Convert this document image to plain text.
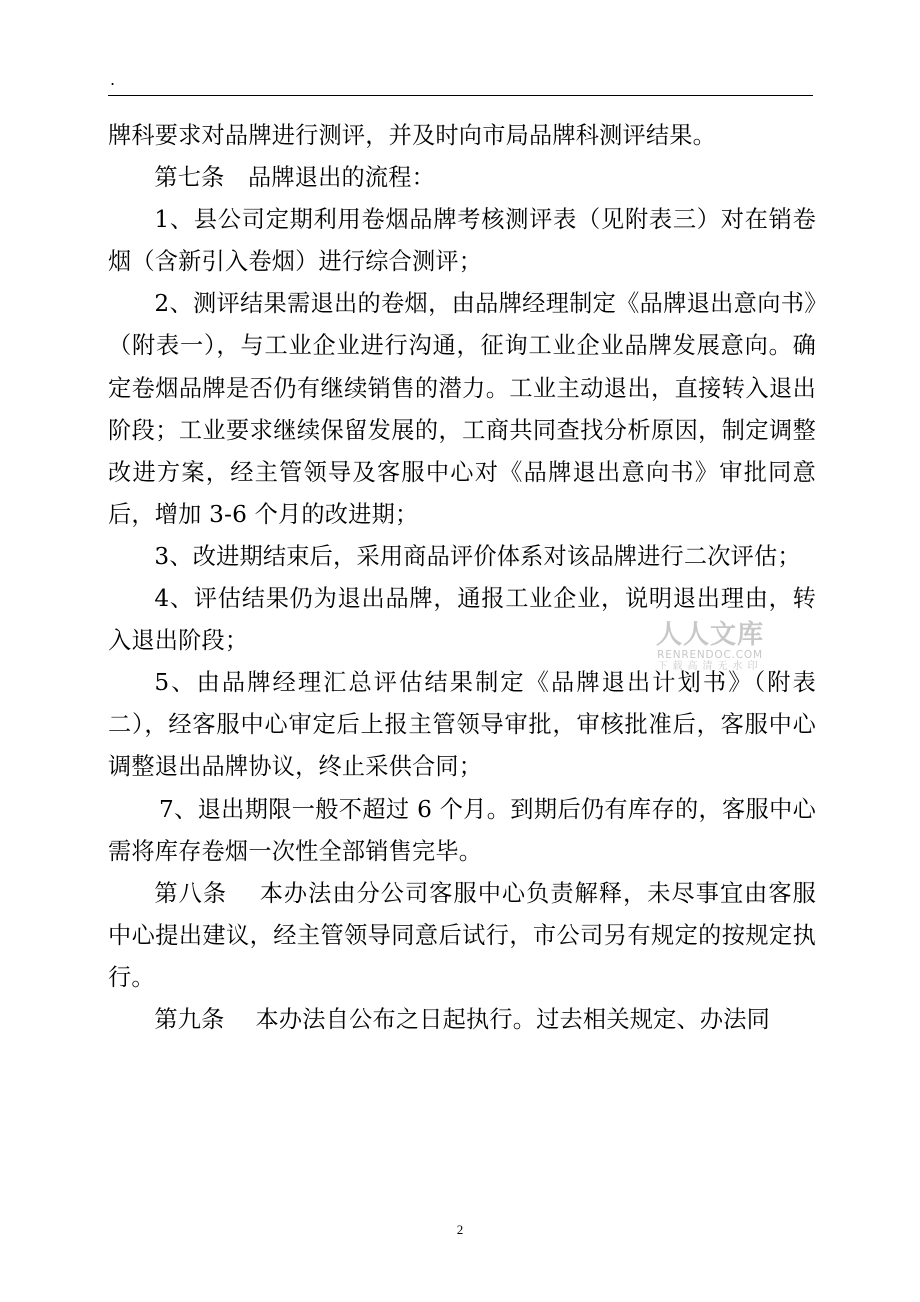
.

牌科要求对品牌进行测评，并及时向市局品牌科测评结果。

第七条　品牌退出的流程：

1、县公司定期利用卷烟品牌考核测评表（见附表三）对在销卷烟（含新引入卷烟）进行综合测评；

2、测评结果需退出的卷烟，由品牌经理制定《品牌退出意向书》（附表一），与工业企业进行沟通，征询工业企业品牌发展意向。确定卷烟品牌是否仍有继续销售的潜力。工业主动退出，直接转入退出阶段；工业要求继续保留发展的，工商共同查找分析原因，制定调整改进方案，经主管领导及客服中心对《品牌退出意向书》审批同意后，增加 3-6 个月的改进期；

3、改进期结束后，采用商品评价体系对该品牌进行二次评估；

4、评估结果仍为退出品牌，通报工业企业，说明退出理由，转入退出阶段；

5、由品牌经理汇总评估结果制定《品牌退出计划书》（附表二），经客服中心审定后上报主管领导审批，审核批准后，客服中心调整退出品牌协议，终止采供合同；

7、退出期限一般不超过 6 个月。到期后仍有库存的，客服中心需将库存卷烟一次性全部销售完毕。

第八条　 本办法由分公司客服中心负责解释，未尽事宜由客服中心提出建议，经主管领导同意后试行，市公司另有规定的按规定执行。

第九条　 本办法自公布之日起执行。过去相关规定、办法同

人人文库
RENRENDOC.COM
下载高清无水印
2
